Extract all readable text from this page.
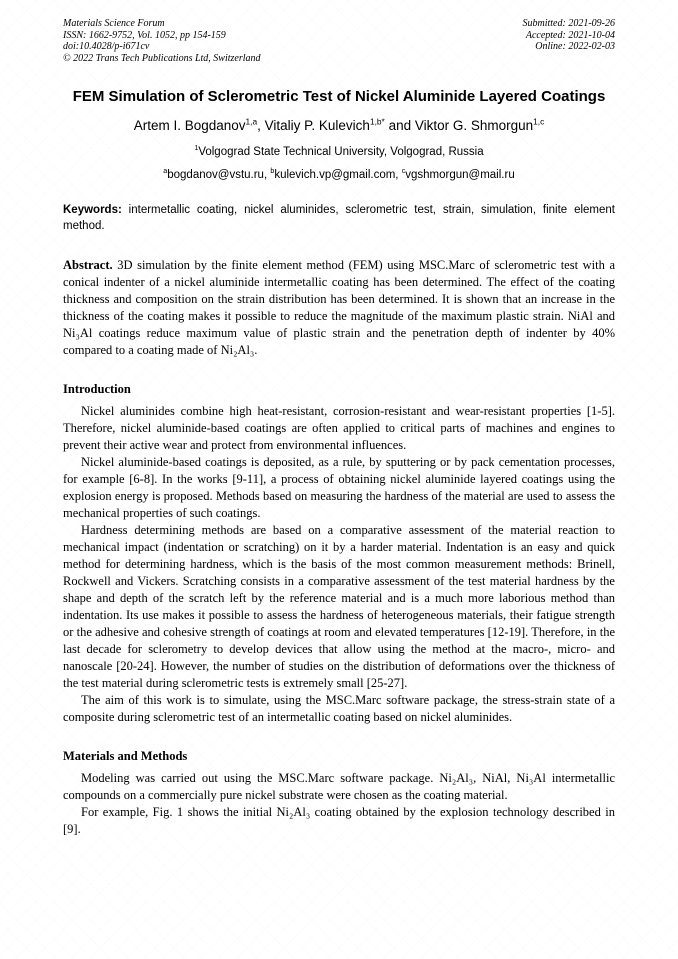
Materials Science Forum
ISSN: 1662-9752, Vol. 1052, pp 154-159
doi:10.4028/p-i671cv
© 2022 Trans Tech Publications Ltd, Switzerland
Submitted: 2021-09-26
Accepted: 2021-10-04
Online: 2022-02-03
FEM Simulation of Sclerometric Test of Nickel Aluminide Layered Coatings
Artem I. Bogdanov$^{1,a}$, Vitaliy P. Kulevich$^{1,b*}$ and Viktor G. Shmorgun$^{1,c}$
$^1$Volgograd State Technical University, Volgograd, Russia
$^a$bogdanov@vstu.ru, $^b$kulevich.vp@gmail.com, $^c$vgshmorgun@mail.ru

Keywords: intermetallic coating, nickel aluminides, sclerometric test, strain, simulation, finite element method.

Abstract. 3D simulation by the finite element method (FEM) using MSC.Marc of sclerometric test with a conical indenter of a nickel aluminide intermetallic coating has been determined. The effect of the coating thickness and composition on the strain distribution has been determined. It is shown that an increase in the thickness of the coating makes it possible to reduce the magnitude of the maximum plastic strain. NiAl and Ni₃Al coatings reduce maximum value of plastic strain and the penetration depth of indenter by 40% compared to a coating made of Ni₂Al₃.

Introduction

Nickel aluminides combine high heat-resistant, corrosion-resistant and wear-resistant properties [1-5]. Therefore, nickel aluminide-based coatings are often applied to critical parts of machines and engines to prevent their active wear and protect from environmental influences.

Nickel aluminide-based coatings is deposited, as a rule, by sputtering or by pack cementation processes, for example [6-8]. In the works [9-11], a process of obtaining nickel aluminide layered coatings using the explosion energy is proposed. Methods based on measuring the hardness of the material are used to assess the mechanical properties of such coatings.

Hardness determining methods are based on a comparative assessment of the material reaction to mechanical impact (indentation or scratching) on it by a harder material. Indentation is an easy and quick method for determining hardness, which is the basis of the most common measurement methods: Brinell, Rockwell and Vickers. Scratching consists in a comparative assessment of the test material hardness by the shape and depth of the scratch left by the reference material and is a much more laborious method than indentation. Its use makes it possible to assess the hardness of heterogeneous materials, their fatigue strength or the adhesive and cohesive strength of coatings at room and elevated temperatures [12-19]. Therefore, in the last decade for sclerometry to develop devices that allow using the method at the macro-, micro- and nanoscale [20-24]. However, the number of studies on the distribution of deformations over the thickness of the test material during sclerometric tests is extremely small [25-27].

The aim of this work is to simulate, using the MSC.Marc software package, the stress-strain state of a composite during sclerometric test of an intermetallic coating based on nickel aluminides.

Materials and Methods

Modeling was carried out using the MSC.Marc software package. Ni₂Al₃, NiAl, Ni₃Al intermetallic compounds on a commercially pure nickel substrate were chosen as the coating material.

For example, Fig. 1 shows the initial Ni₂Al₃ coating obtained by the explosion technology described in [9].
